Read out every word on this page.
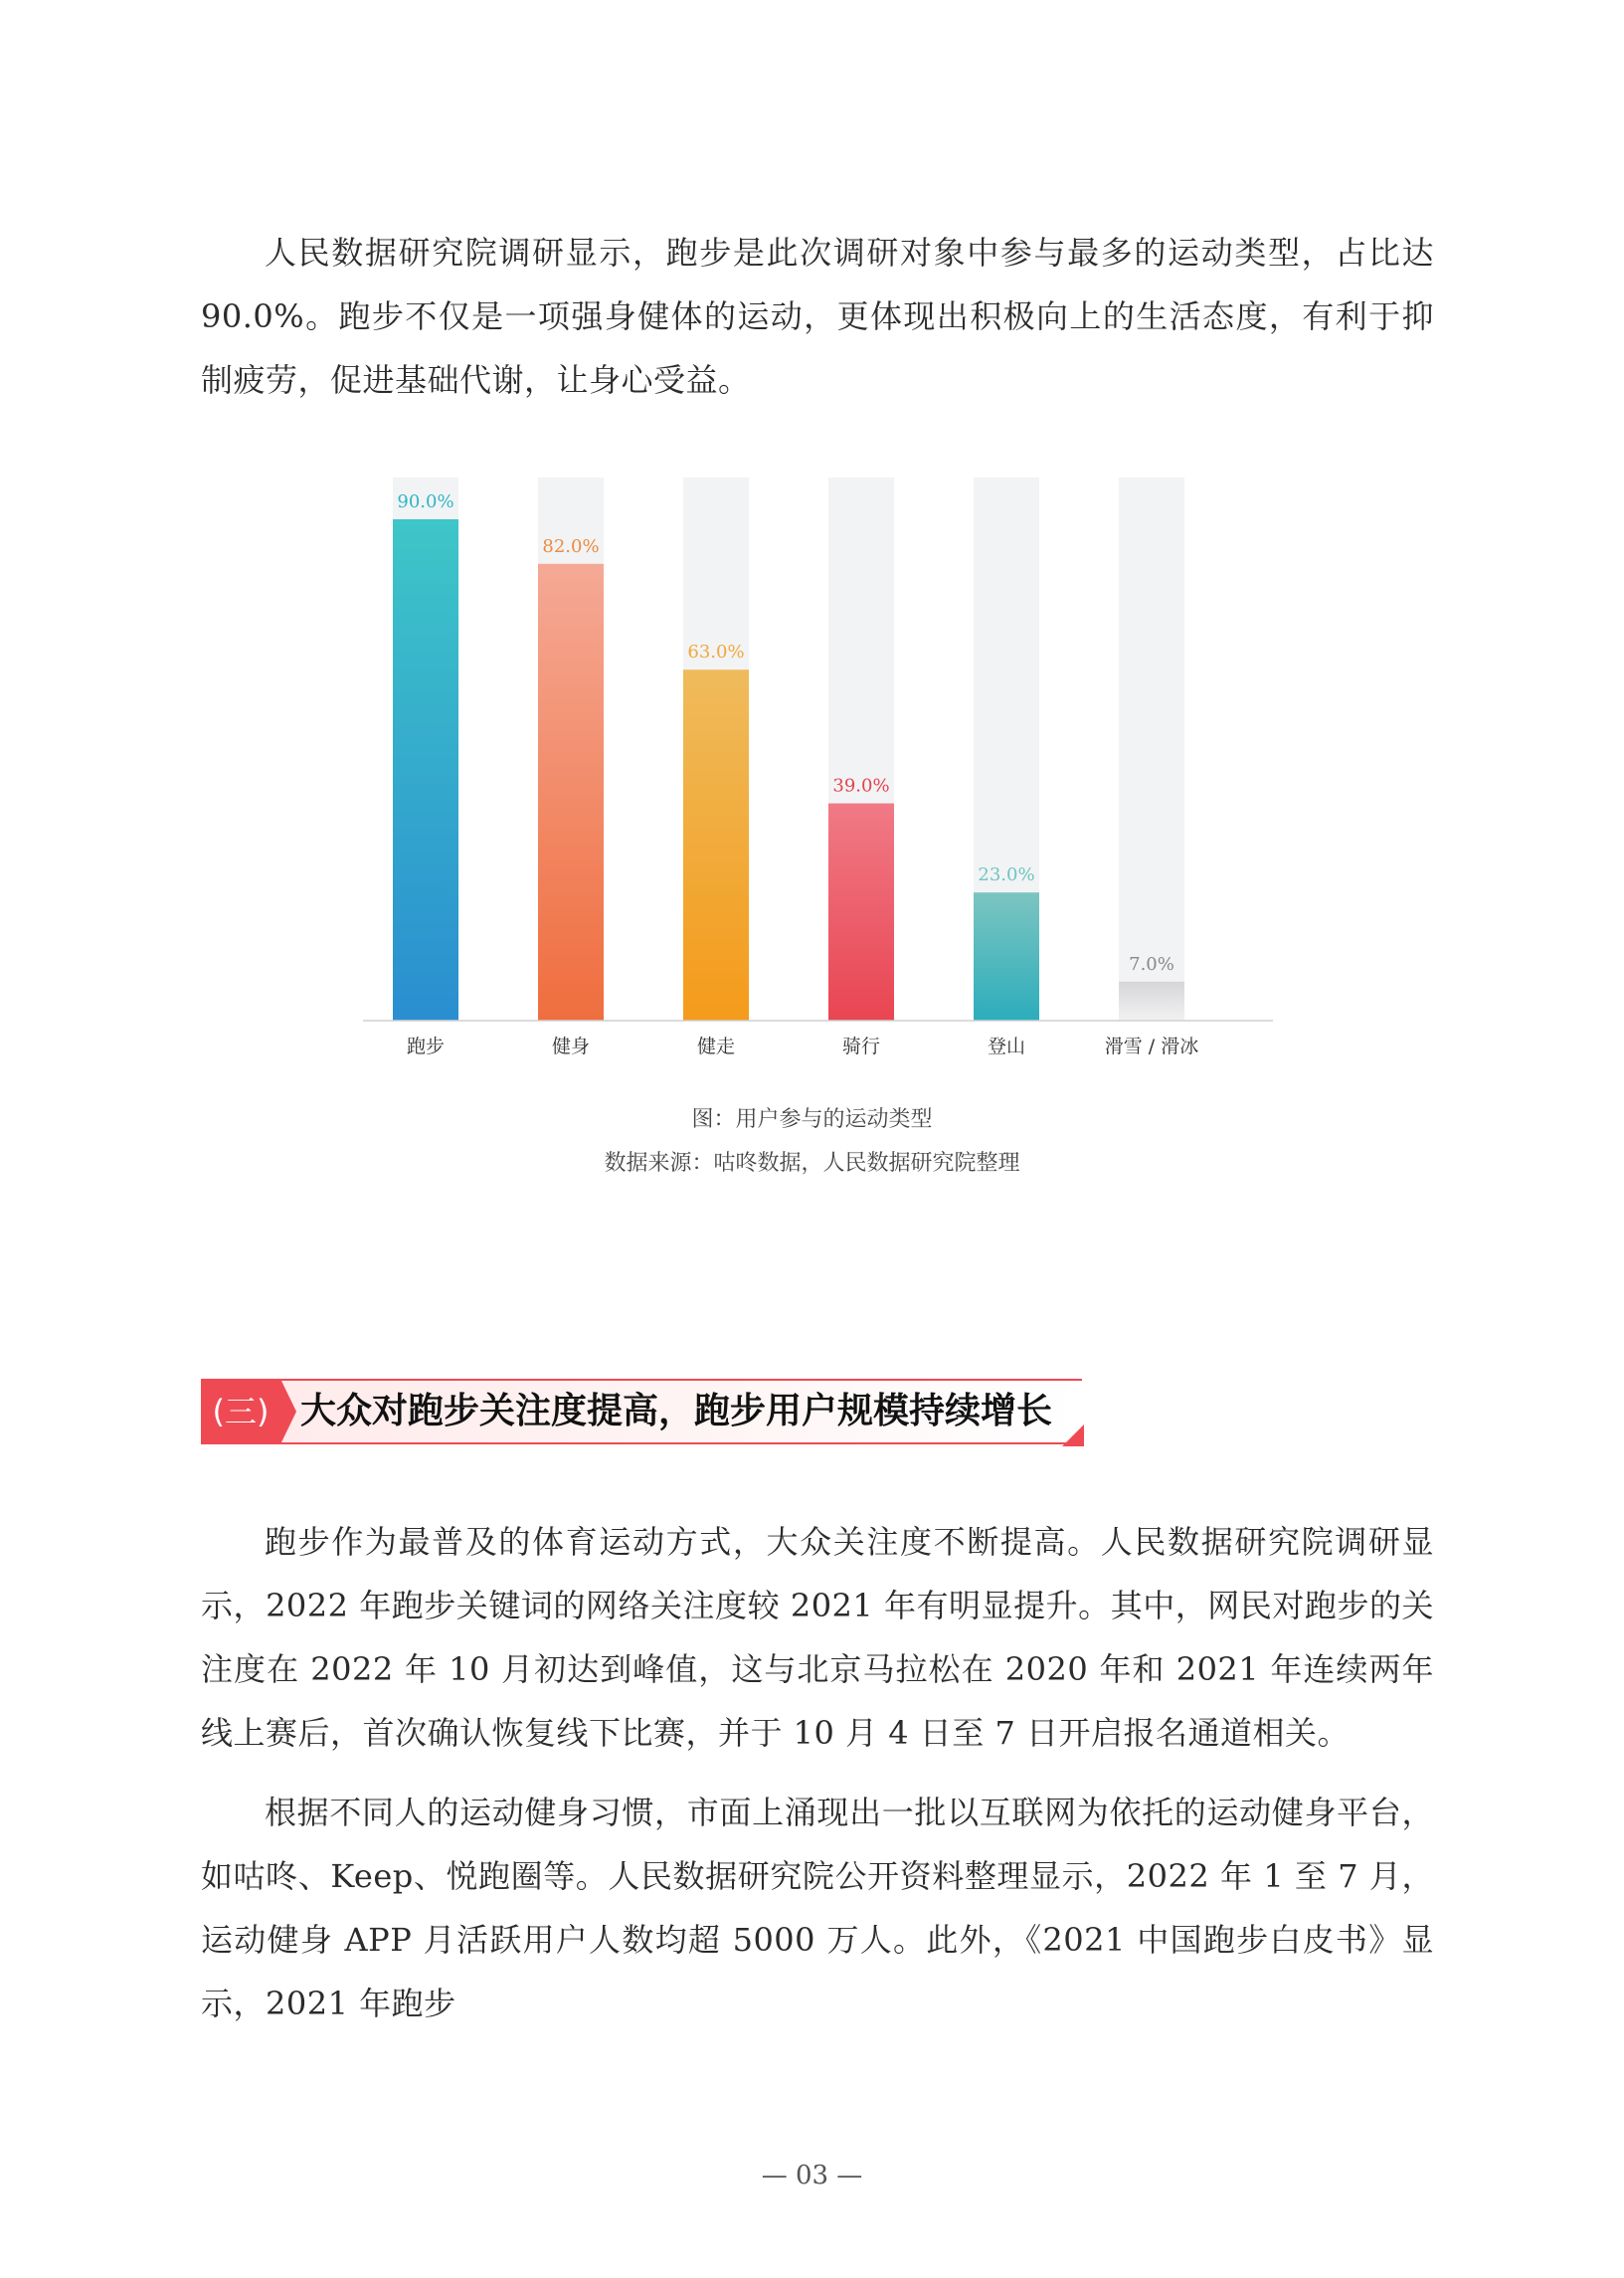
人民数据研究院调研显示，跑步是此次调研对象中参与最多的运动类型，占比达90.0%。跑步不仅是一项强身健体的运动，更体现出积极向上的生活态度，有利于抑制疲劳，促进基础代谢，让身心受益。

90.0%
82.0%
63.0%
39.0%
23.0%
7.0%
跑步	健身	健走	骑行	登山	滑雪 / 滑冰
图：用户参与的运动类型
数据来源：咕咚数据，人民数据研究院整理
(三) 大众对跑步关注度提高，跑步用户规模持续增长

跑步作为最普及的体育运动方式，大众关注度不断提高。人民数据研究院调研显示，2022 年跑步关键词的网络关注度较 2021 年有明显提升。其中，网民对跑步的关注度在 2022 年 10 月初达到峰值，这与北京马拉松在 2020 年和 2021 年连续两年线上赛后，首次确认恢复线下比赛，并于 10 月 4 日至 7 日开启报名通道相关。

根据不同人的运动健身习惯，市面上涌现出一批以互联网为依托的运动健身平台，如咕咚、Keep、悦跑圈等。人民数据研究院公开资料整理显示，2022 年 1 至 7 月，运动健身 APP 月活跃用户人数均超 5000 万人。此外，《2021 中国跑步白皮书》显示，2021 年跑步

— 03 —
